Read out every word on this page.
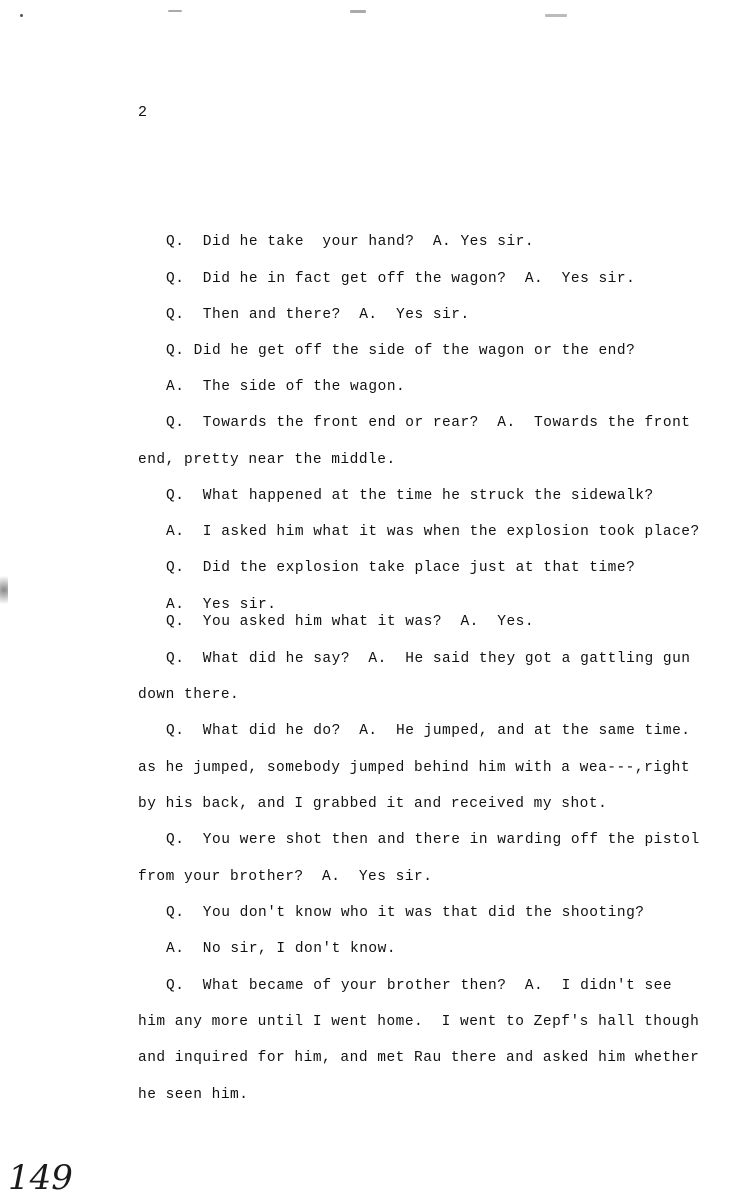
2
Q.  Did he take  your hand?  A. Yes sir.
Q.  Did he in fact get off the wagon?  A.  Yes sir.
Q.  Then and there?  A.  Yes sir.
Q. Did he get off the side of the wagon or the end?
A.  The side of the wagon.
Q.  Towards the front end or rear?  A.  Towards the front
end, pretty near the middle.
Q.  What happened at the time he struck the sidewalk?
A.  I asked him what it was when the explosion took place?
Q.  Did the explosion take place just at that time?
A.  Yes sir.
Q.  You asked him what it was?  A.  Yes.
Q.  What did he say?  A.  He said they got a gattling gun
down there.
Q.  What did he do?  A.  He jumped, and at the same time.
as he jumped, somebody jumped behind him with a wea---,right
by his back, and I grabbed it and received my shot.
Q.  You were shot then and there in warding off the pistol
from your brother?  A.  Yes sir.
Q.  You don't know who it was that did the shooting?
A.  No sir, I don't know.
Q.  What became of your brother then?  A.  I didn't see
him any more until I went home.  I went to Zepf's hall though
and inquired for him, and met Rau there and asked him whether
he seen him.
149
